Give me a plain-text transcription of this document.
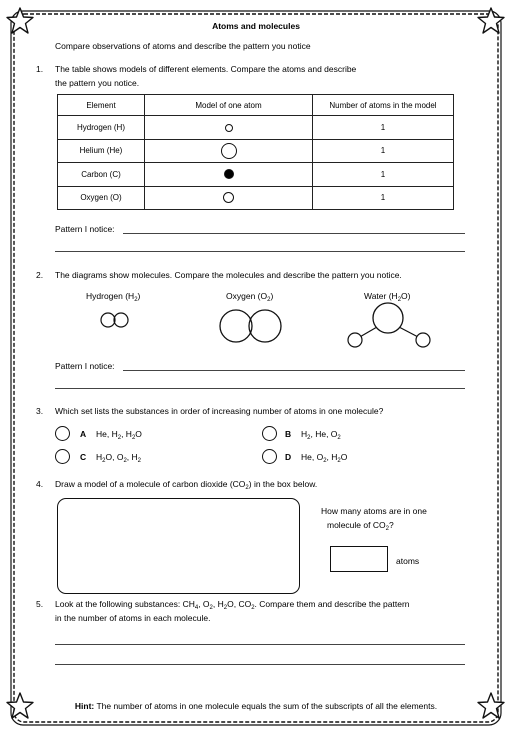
Atoms and molecules
Compare observations of atoms and describe the pattern you notice
1. The table shows models of different elements. Compare the atoms and describe
the pattern you notice.
Element	Model of one atom	Number of atoms in the model
Hydrogen (H)		1
Helium (He)		1
Carbon (C)		1
Oxygen (O)		1
Pattern I notice:
2. The diagrams show molecules. Compare the molecules and describe the pattern you notice.
Hydrogen $(H_2)$	Oxygen $(O_2)$	Water $(H_2O)$
Pattern I notice:
3. Which set lists the substances in order of increasing number of atoms in one molecule?
A He, $H_2$, $H_2O$	B $H_2$, He, $O_2$
C $H_2O$, $O_2$, $H_2$	D He, $O_2$, $H_2O$
4. Draw a model of a molecule of carbon dioxide $(CO_2)$ in the box below.
How many atoms are in one
molecule of $CO_2$?
atoms
5. Look at the following substances: $CH_4$, $O_2$, $H_2O$, $CO_2$. Compare them and describe the pattern
in the number of atoms in each molecule.
Hint: The number of atoms in one molecule equals the sum of the subscripts of all the elements.
